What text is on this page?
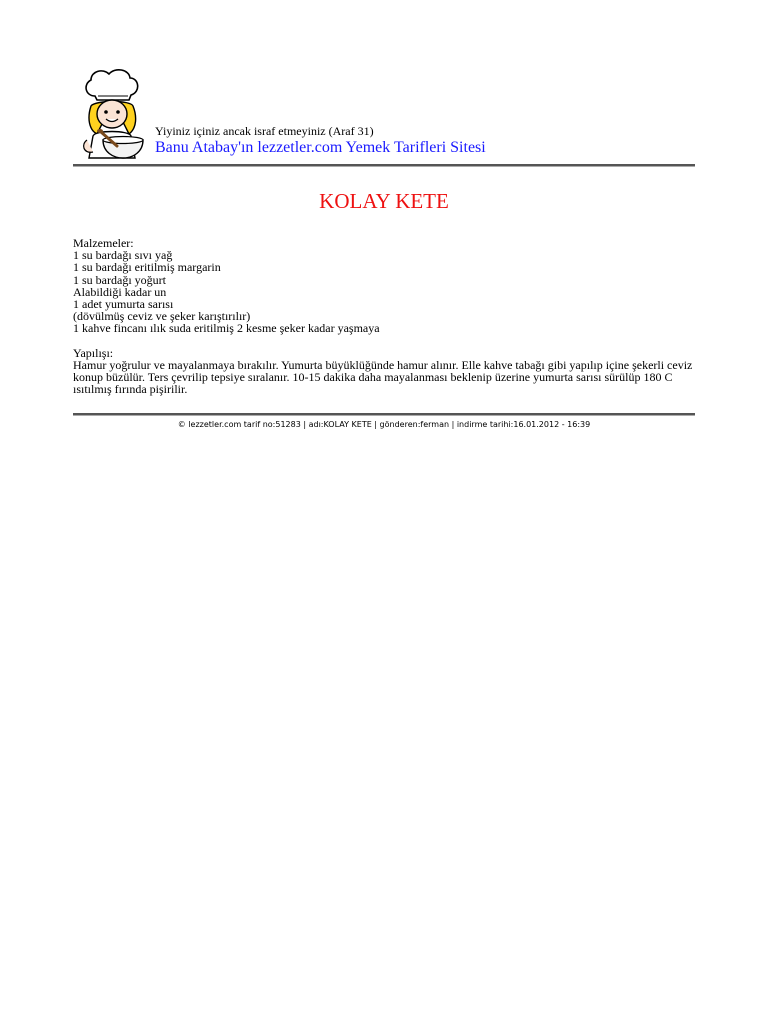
Yiyiniz içiniz ancak israf etmeyiniz (Araf 31)
Banu Atabay'ın lezzetler.com Yemek Tarifleri Sitesi
KOLAY KETE
Malzemeler:
1 su bardağı sıvı yağ
1 su bardağı eritilmiş margarin
1 su bardağı yoğurt
Alabildiği kadar un
1 adet yumurta sarısı
(dövülmüş ceviz ve şeker karıştırılır)
1 kahve fincanı ılık suda eritilmiş 2 kesme şeker kadar yaşmaya
Yapılışı:
Hamur yoğrulur ve mayalanmaya bırakılır. Yumurta büyüklüğünde hamur alınır. Elle kahve tabağı gibi yapılıp içine şekerli ceviz konup büzülür. Ters çevrilip tepsiye sıralanır. 10-15 dakika daha mayalanması beklenip üzerine yumurta sarısı sürülüp 180 C ısıtılmış fırında pişirilir.
© lezzetler.com tarif no:51283 | adı:KOLAY KETE | gönderen:ferman | indirme tarihi:16.01.2012 - 16:39
